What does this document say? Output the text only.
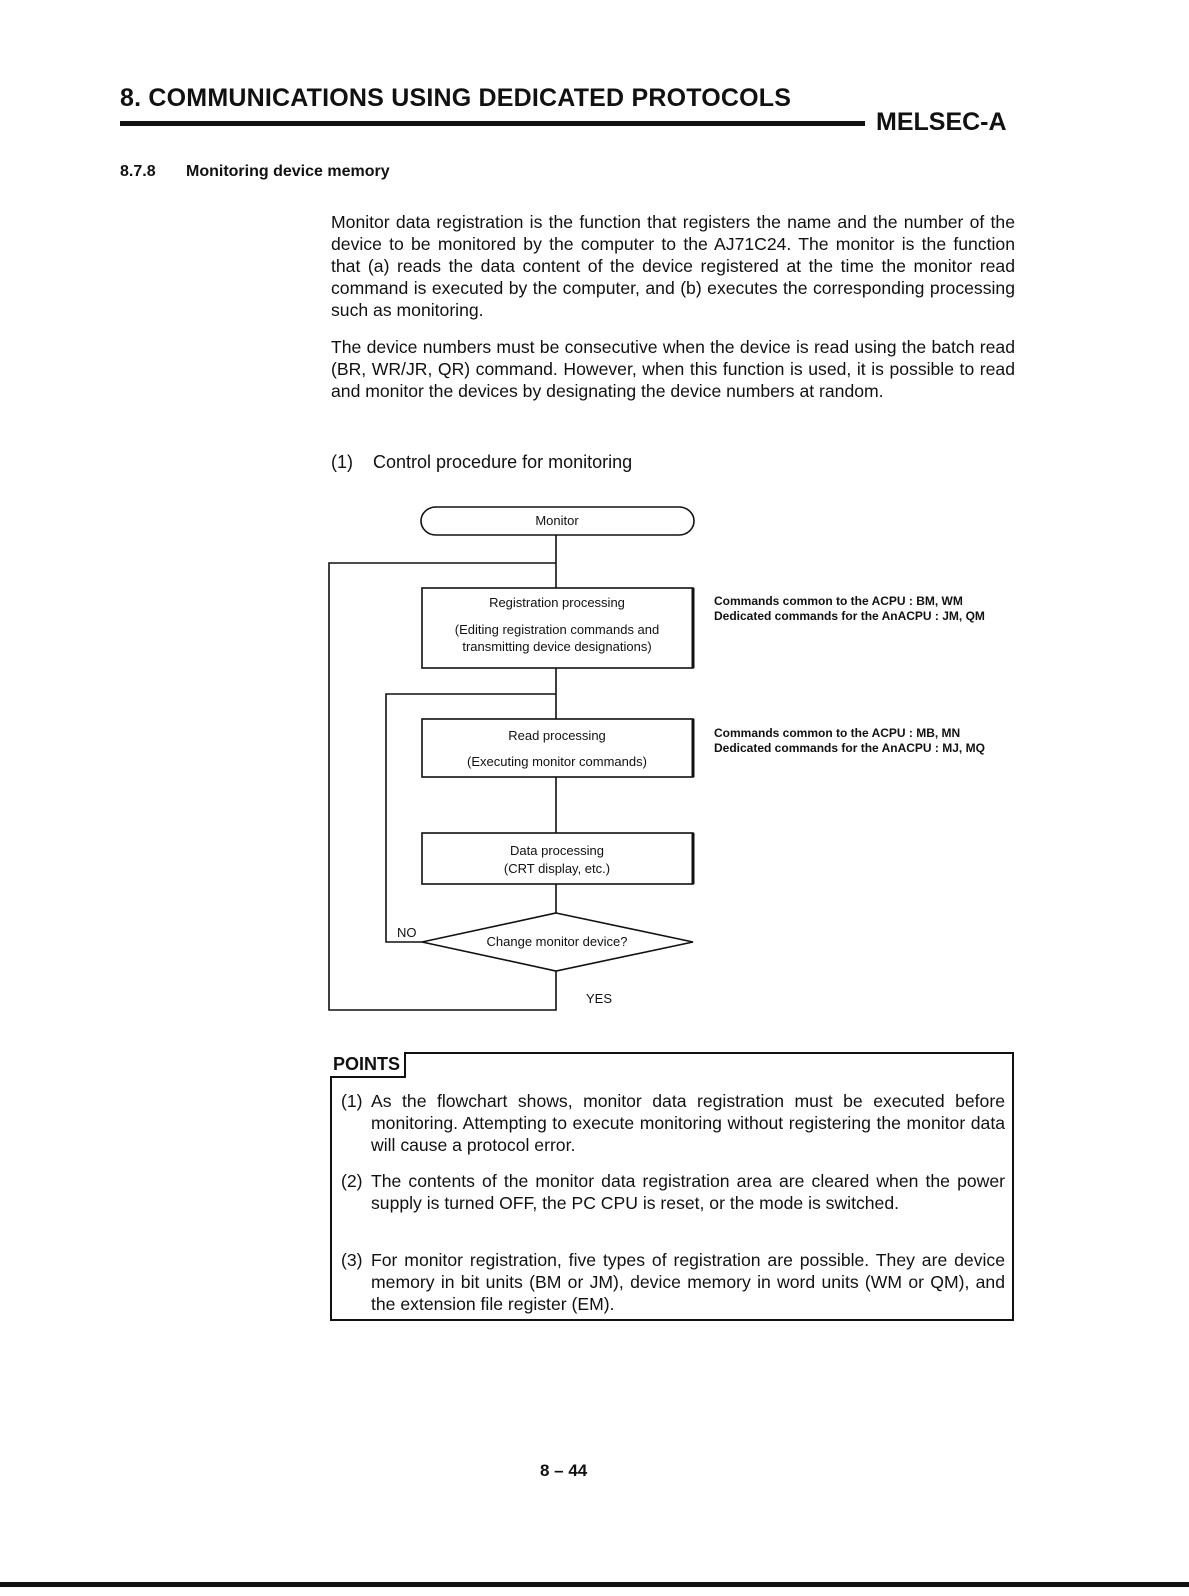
8. COMMUNICATIONS USING DEDICATED PROTOCOLS
MELSEC-A
8.7.8 Monitoring device memory
Monitor data registration is the function that registers the name and the number of the device to be monitored by the computer to the AJ71C24. The monitor is the function that (a) reads the data content of the device registered at the time the monitor read command is executed by the computer, and (b) executes the corresponding processing such as monitoring.
The device numbers must be consecutive when the device is read using the batch read (BR, WR/JR, QR) command. However, when this function is used, it is possible to read and monitor the devices by designating the device numbers at random.
(1) Control procedure for monitoring
Monitor
Registration processing
(Editing registration commands and
transmitting device designations)
Read processing
(Executing monitor commands)
Data processing
(CRT display, etc.)
Change monitor device?
NO
YES
Commands common to the ACPU : BM, WM
Dedicated commands for the AnACPU : JM, QM
Commands common to the ACPU : MB, MN
Dedicated commands for the AnACPU : MJ, MQ
POINTS
(1) As the flowchart shows, monitor data registration must be executed before monitoring. Attempting to execute monitoring without registering the monitor data will cause a protocol error.
(2) The contents of the monitor data registration area are cleared when the power supply is turned OFF, the PC CPU is reset, or the mode is switched.
(3) For monitor registration, five types of registration are possible. They are device memory in bit units (BM or JM), device memory in word units (WM or QM), and the extension file register (EM).
8 – 44
